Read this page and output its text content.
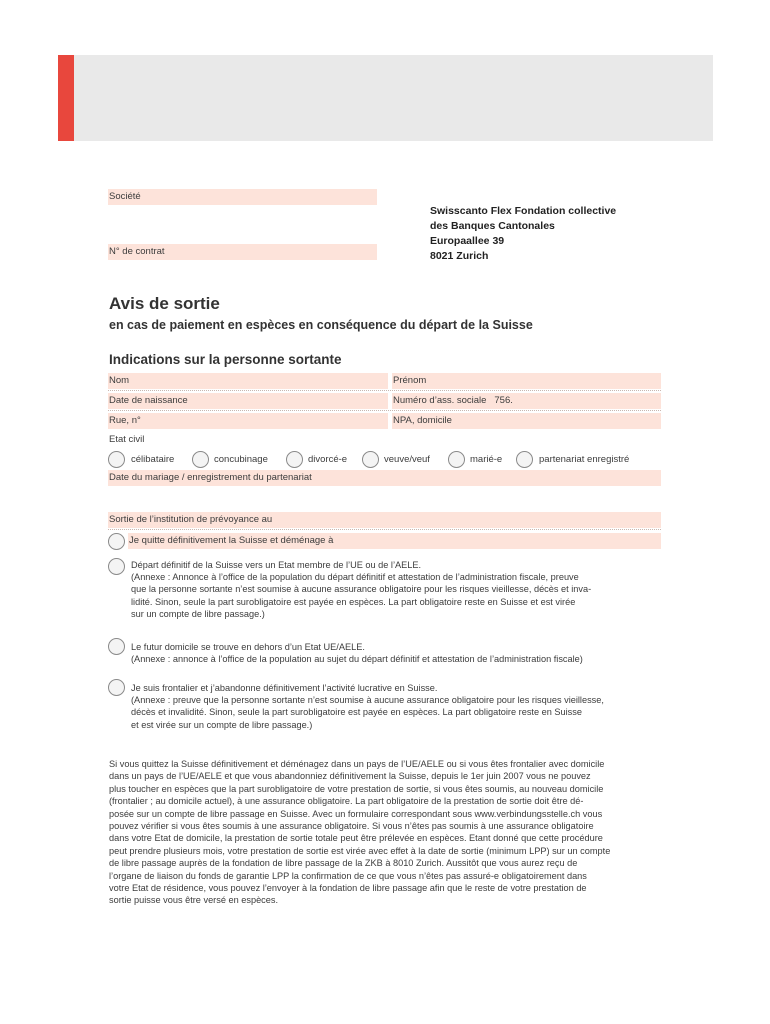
Société
N° de contrat
Swisscanto Flex Fondation collective
des Banques Cantonales
Europaallee 39
8021 Zurich
Avis de sortie
en cas de paiement en espèces en conséquence du départ de la Suisse
Indications sur la personne sortante
Nom	Prénom
Date de naissance	Numéro d’ass. sociale   756.
Rue, n°	NPA, domicile
Etat civil
célibataire	concubinage	divorcé-e	veuve/veuf	marié-e	partenariat enregistré
Date du mariage / enregistrement du partenariat
Sortie de l’institution de prévoyance au
Je quitte définitivement la Suisse et déménage à
Départ définitif de la Suisse vers un Etat membre de l’UE ou de l’AELE.
(Annexe : Annonce à l’office de la population du départ définitif et attestation de l’administration fiscale, preuve
que la personne sortante n’est soumise à aucune assurance obligatoire pour les risques vieillesse, décès et inva-
lidité. Sinon, seule la part surobligatoire est payée en espèces. La part obligatoire reste en Suisse et est virée
sur un compte de libre passage.)
Le futur domicile se trouve en dehors d’un Etat UE/AELE.
(Annexe : annonce à l’office de la population au sujet du départ définitif et attestation de l’administration fiscale)
Je suis frontalier et j’abandonne définitivement l’activité lucrative en Suisse.
(Annexe : preuve que la personne sortante n’est soumise à aucune assurance obligatoire pour les risques vieillesse,
décès et invalidité. Sinon, seule la part surobligatoire est payée en espèces. La part obligatoire reste en Suisse
et est virée sur un compte de libre passage.)
Si vous quittez la Suisse définitivement et déménagez dans un pays de l’UE/AELE ou si vous êtes frontalier avec domicile
dans un pays de l’UE/AELE et que vous abandonniez définitivement la Suisse, depuis le 1er juin 2007 vous ne pouvez
plus toucher en espèces que la part surobligatoire de votre prestation de sortie, si vous êtes soumis, au nouveau domicile
(frontalier ; au domicile actuel), à une assurance obligatoire. La part obligatoire de la prestation de sortie doit être dé-
posée sur un compte de libre passage en Suisse. Avec un formulaire correspondant sous www.verbindungsstelle.ch vous
pouvez vérifier si vous êtes soumis à une assurance obligatoire. Si vous n’êtes pas soumis à une assurance obligatoire
dans votre Etat de domicile, la prestation de sortie totale peut être prélevée en espèces. Etant donné que cette procédure
peut prendre plusieurs mois, votre prestation de sortie est virée avec effet à la date de sortie (minimum LPP) sur un compte
de libre passage auprès de la fondation de libre passage de la ZKB à 8010 Zurich. Aussitôt que vous aurez reçu de
l’organe de liaison du fonds de garantie LPP la confirmation de ce que vous n’êtes pas assuré-e obligatoirement dans
votre Etat de résidence, vous pouvez l’envoyer à la fondation de libre passage afin que le reste de votre prestation de
sortie puisse vous être versé en espèces.
